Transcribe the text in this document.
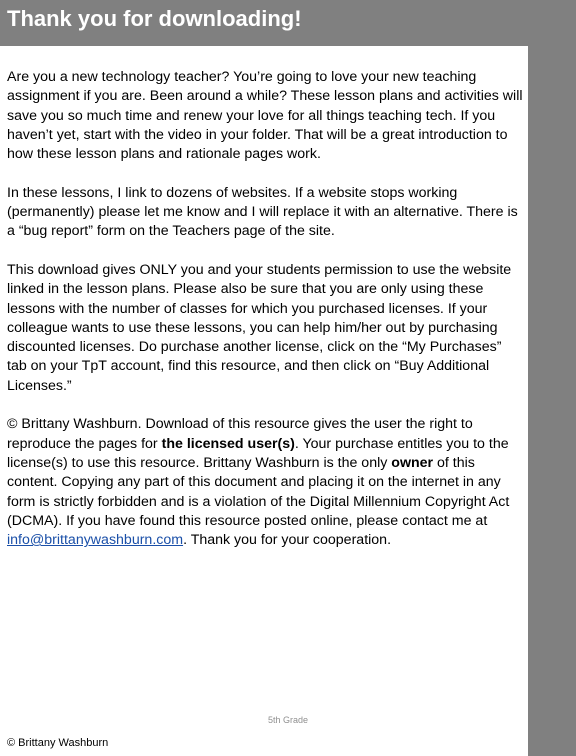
Thank you for downloading!

Are you a new technology teacher? You’re going to love your new teaching assignment if you are. Been around a while? These lesson plans and activities will save you so much time and renew your love for all things teaching tech. If you haven’t yet, start with the video in your folder. That will be a great introduction to how these lesson plans and rationale pages work.

In these lessons, I link to dozens of websites. If a website stops working (permanently) please let me know and I will replace it with an alternative. There is a “bug report” form on the Teachers page of the site.

This download gives ONLY you and your students permission to use the website linked in the lesson plans. Please also be sure that you are only using these lessons with the number of classes for which you purchased licenses. If your colleague wants to use these lessons, you can help him/her out by purchasing discounted licenses. Do purchase another license, click on the “My Purchases” tab on your TpT account, find this resource, and then click on “Buy Additional Licenses.”

© Brittany Washburn. Download of this resource gives the user the right to reproduce the pages for the licensed user(s). Your purchase entitles you to the license(s) to use this resource. Brittany Washburn is the only owner of this content. Copying any part of this document and placing it on the internet in any form is strictly forbidden and is a violation of the Digital Millennium Copyright Act (DCMA). If you have found this resource posted online, please contact me at info@brittanywashburn.com. Thank you for your cooperation.

5th Grade
© Brittany Washburn
